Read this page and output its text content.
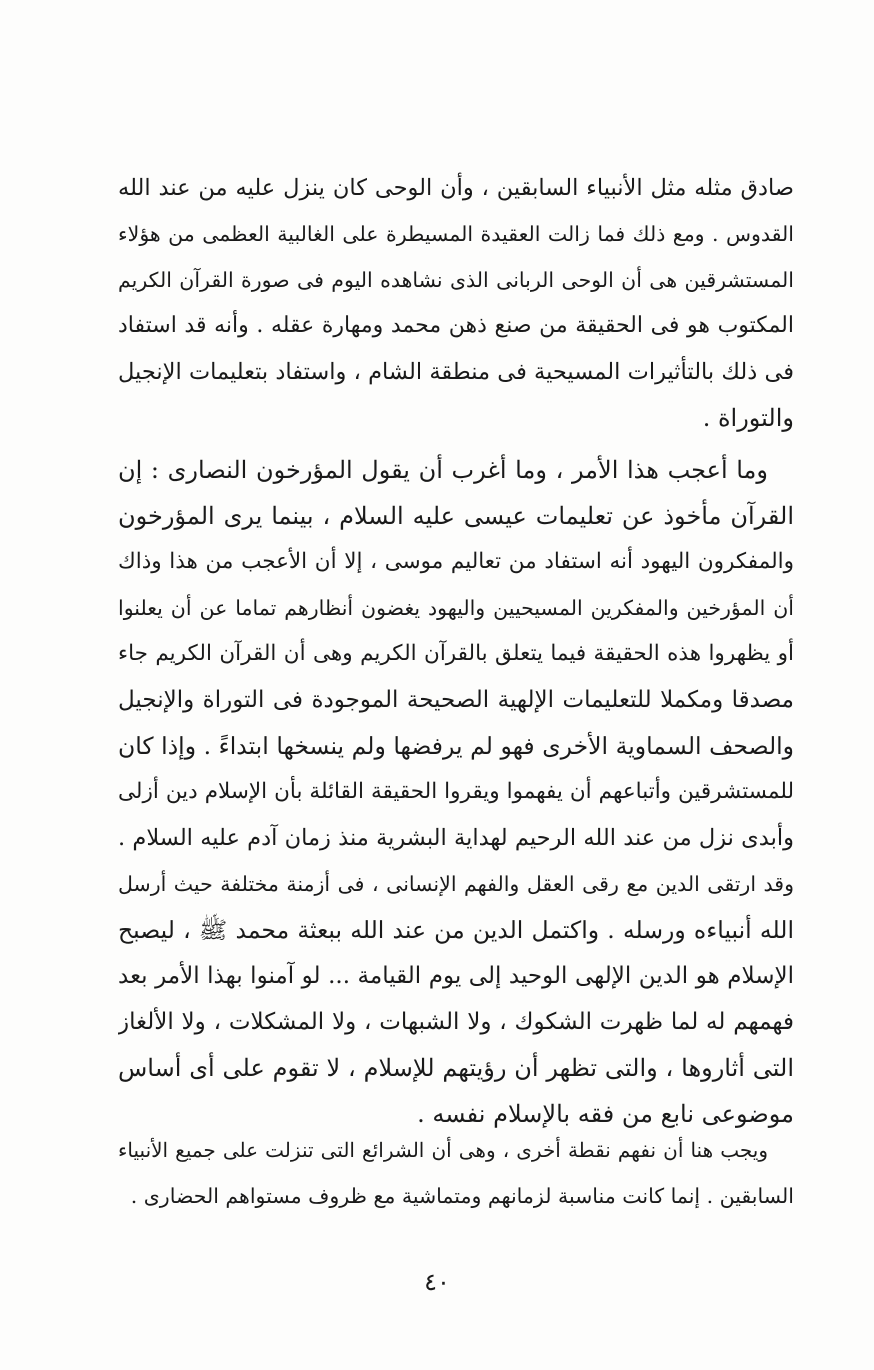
صادق مثله مثل الأنبياء السابقين ، وأن الوحى كان ينزل عليه من عند الله
القدوس . ومع ذلك فما زالت العقيدة المسيطرة على الغالبية العظمى من هؤلاء
المستشرقين هى أن الوحى الربانى الذى نشاهده اليوم فى صورة القرآن الكريم
المكتوب هو فى الحقيقة من صنع ذهن محمد ومهارة عقله . وأنه قد استفاد
فى ذلك بالتأثيرات المسيحية فى منطقة الشام ، واستفاد بتعليمات الإنجيل
والتوراة .
وما أعجب هذا الأمر ، وما أغرب أن يقول المؤرخون النصارى : إن
القرآن مأخوذ عن تعليمات عيسى عليه السلام ، بينما يرى المؤرخون
والمفكرون اليهود أنه استفاد من تعاليم موسى ، إلا أن الأعجب من هذا وذاك
أن المؤرخين والمفكرين المسيحيين واليهود يغضون أنظارهم تماما عن أن يعلنوا
أو يظهروا هذه الحقيقة فيما يتعلق بالقرآن الكريم وهى أن القرآن الكريم جاء
مصدقا ومكملا للتعليمات الإلهية الصحيحة الموجودة فى التوراة والإنجيل
والصحف السماوية الأخرى فهو لم يرفضها ولم ينسخها ابتداءً . وإذا كان
للمستشرقين وأتباعهم أن يفهموا ويقروا الحقيقة القائلة بأن الإسلام دين أزلى
وأبدى نزل من عند الله الرحيم لهداية البشرية منذ زمان آدم عليه السلام .
وقد ارتقى الدين مع رقى العقل والفهم الإنسانى ، فى أزمنة مختلفة حيث أرسل
الله أنبياءه ورسله . واكتمل الدين من عند الله ببعثة محمد ﷺ ، ليصبح
الإسلام هو الدين الإلهى الوحيد إلى يوم القيامة ... لو آمنوا بهذا الأمر بعد
فهمهم له لما ظهرت الشكوك ، ولا الشبهات ، ولا المشكلات ، ولا الألغاز
التى أثاروها ، والتى تظهر أن رؤيتهم للإسلام ، لا تقوم على أى أساس
موضوعى نابع من فقه بالإسلام نفسه .
ويجب هنا أن نفهم نقطة أخرى ، وهى أن الشرائع التى تنزلت على جميع الأنبياء
السابقين . إنما كانت مناسبة لزمانهم ومتماشية مع ظروف مستواهم الحضارى .
٤٠
